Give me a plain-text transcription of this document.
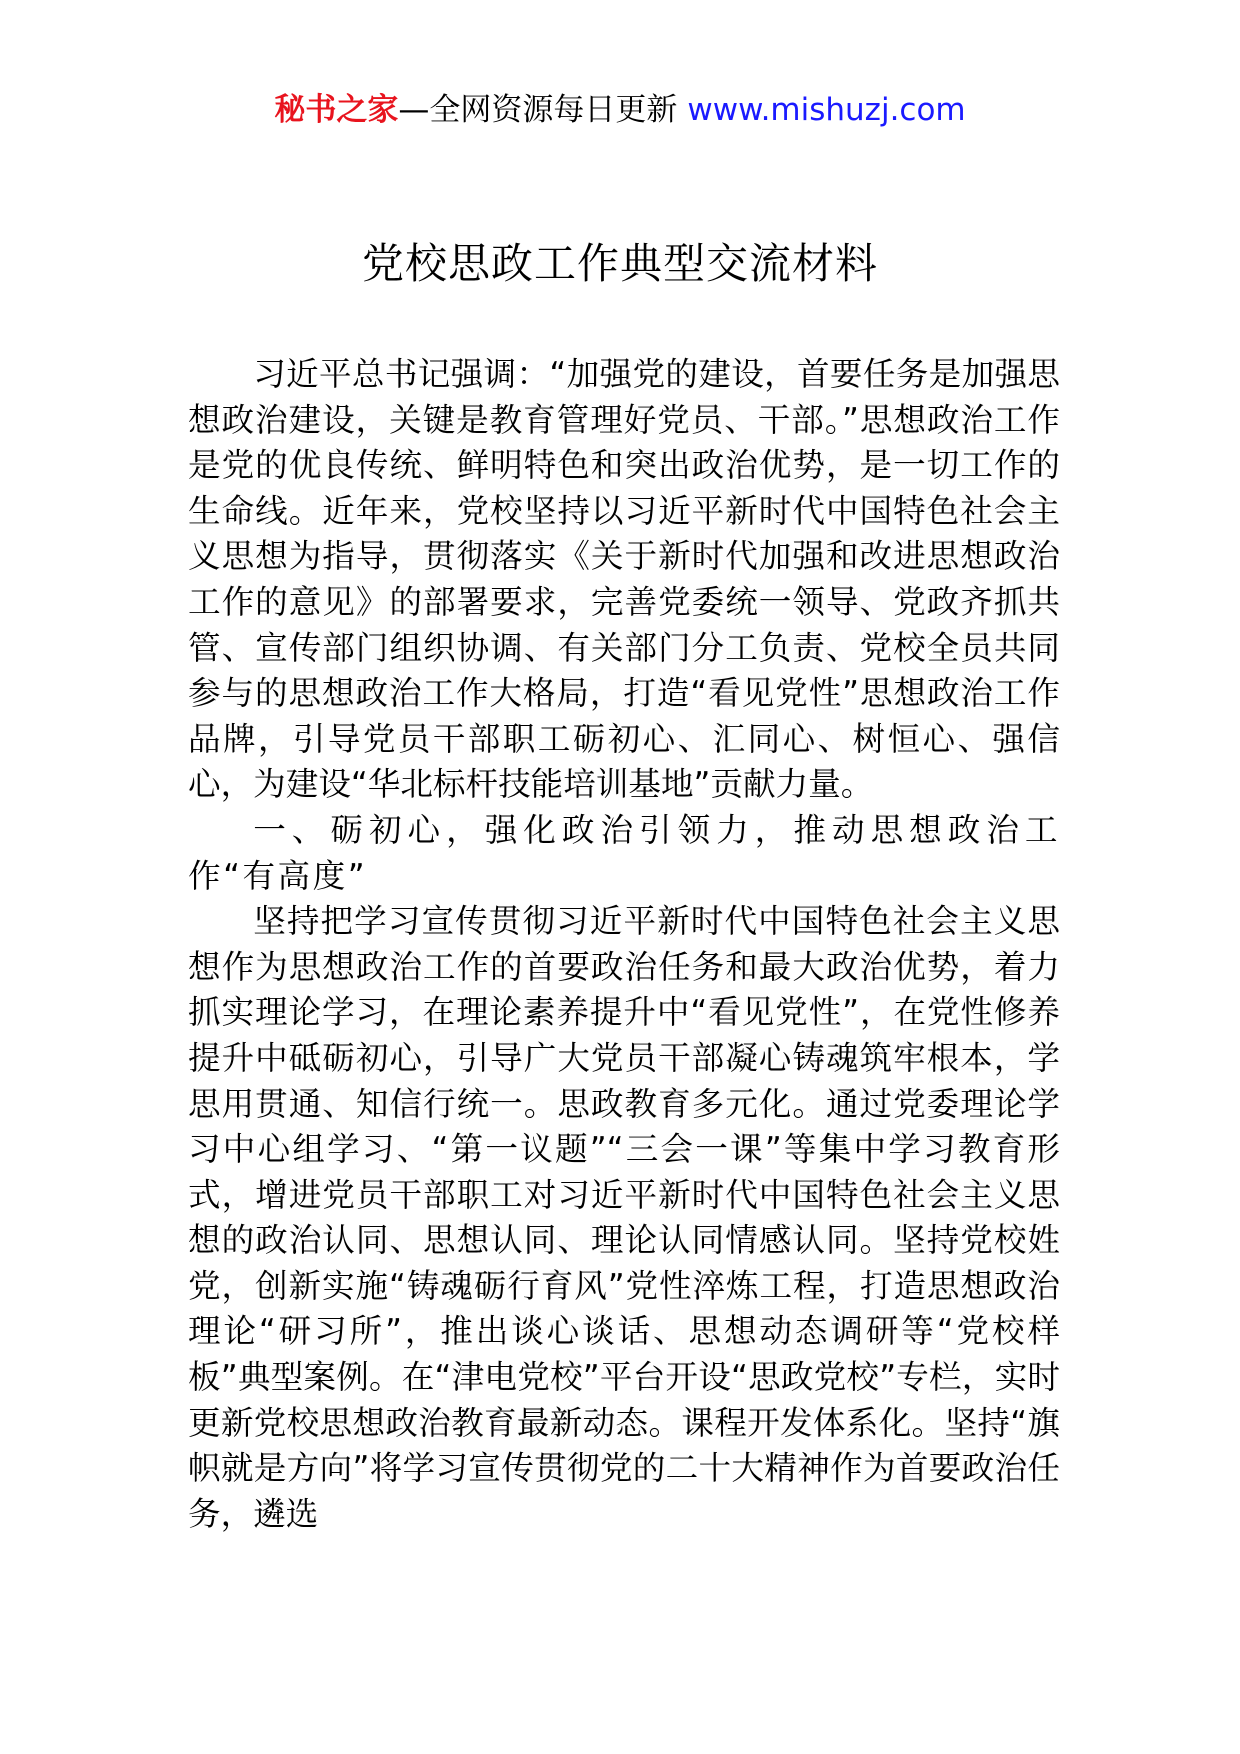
秘书之家—全网资源每日更新 www.mishuzj.com
党校思政工作典型交流材料

习近平总书记强调：“加强党的建设，首要任务是加强思想政治建设，关键是教育管理好党员、干部。”思想政治工作是党的优良传统、鲜明特色和突出政治优势，是一切工作的生命线。近年来，党校坚持以习近平新时代中国特色社会主义思想为指导，贯彻落实《关于新时代加强和改进思想政治工作的意见》的部署要求，完善党委统一领导、党政齐抓共管、宣传部门组织协调、有关部门分工负责、党校全员共同参与的思想政治工作大格局，打造“看见党性”思想政治工作品牌，引导党员干部职工砺初心、汇同心、树恒心、强信心，为建设“华北标杆技能培训基地”贡献力量。

一、砺初心，强化政治引领力，推动思想政治工作“有高度”

坚持把学习宣传贯彻习近平新时代中国特色社会主义思想作为思想政治工作的首要政治任务和最大政治优势，着力抓实理论学习，在理论素养提升中“看见党性”，在党性修养提升中砥砺初心，引导广大党员干部凝心铸魂筑牢根本，学思用贯通、知信行统一。思政教育多元化。通过党委理论学习中心组学习、“第一议题”“三会一课”等集中学习教育形式，增进党员干部职工对习近平新时代中国特色社会主义思想的政治认同、思想认同、理论认同情感认同。坚持党校姓党，创新实施“铸魂砺行育风”党性淬炼工程，打造思想政治理论“研习所”，推出谈心谈话、思想动态调研等“党校样板”典型案例。在“津电党校”平台开设“思政党校”专栏，实时更新党校思想政治教育最新动态。课程开发体系化。坚持“旗帜就是方向”将学习宣传贯彻党的二十大精神作为首要政治任务，遴选
